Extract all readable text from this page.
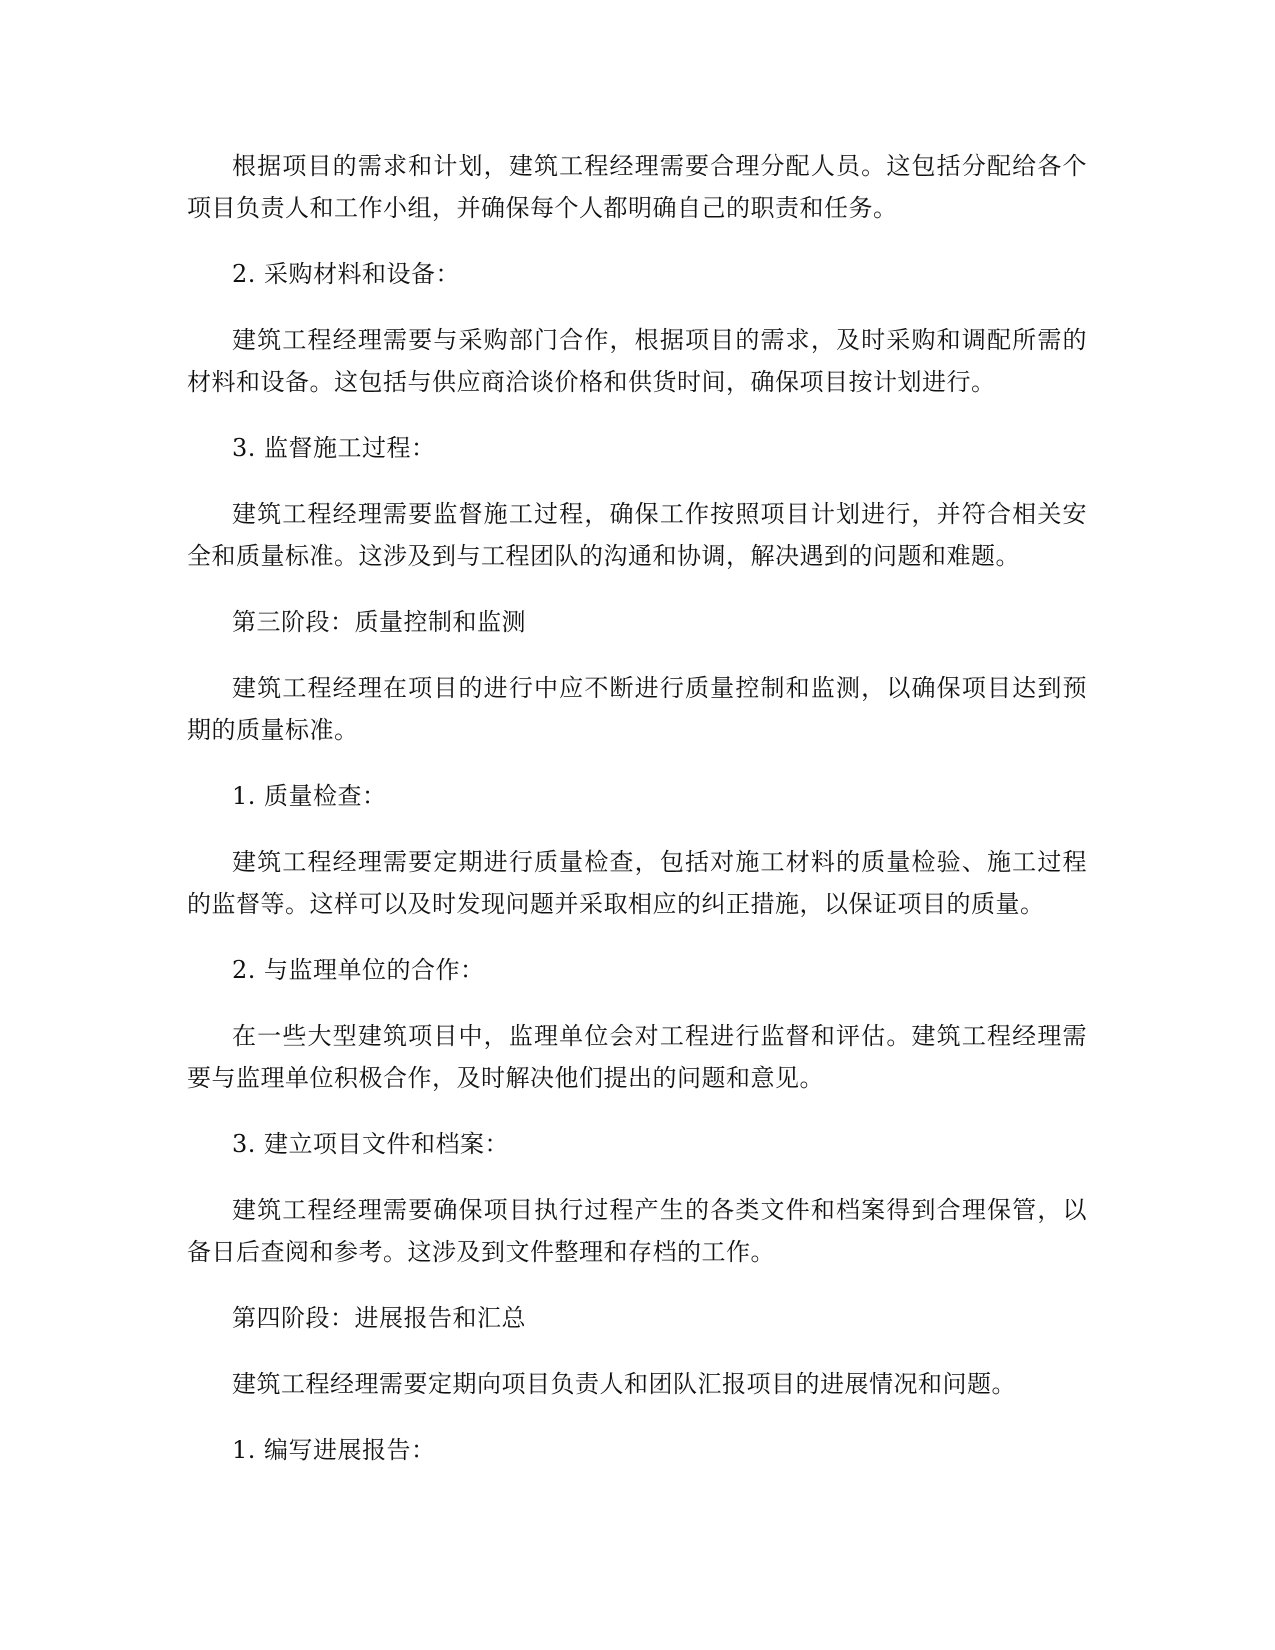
根据项目的需求和计划，建筑工程经理需要合理分配人员。这包括分配给各个项目负责人和工作小组，并确保每个人都明确自己的职责和任务。

2. 采购材料和设备：

建筑工程经理需要与采购部门合作，根据项目的需求，及时采购和调配所需的材料和设备。这包括与供应商洽谈价格和供货时间，确保项目按计划进行。

3. 监督施工过程：

建筑工程经理需要监督施工过程，确保工作按照项目计划进行，并符合相关安全和质量标准。这涉及到与工程团队的沟通和协调，解决遇到的问题和难题。

第三阶段：质量控制和监测

建筑工程经理在项目的进行中应不断进行质量控制和监测，以确保项目达到预期的质量标准。

1. 质量检查：

建筑工程经理需要定期进行质量检查，包括对施工材料的质量检验、施工过程的监督等。这样可以及时发现问题并采取相应的纠正措施，以保证项目的质量。

2. 与监理单位的合作：

在一些大型建筑项目中，监理单位会对工程进行监督和评估。建筑工程经理需要与监理单位积极合作，及时解决他们提出的问题和意见。

3. 建立项目文件和档案：

建筑工程经理需要确保项目执行过程产生的各类文件和档案得到合理保管，以备日后查阅和参考。这涉及到文件整理和存档的工作。

第四阶段：进展报告和汇总

建筑工程经理需要定期向项目负责人和团队汇报项目的进展情况和问题。

1. 编写进展报告：
